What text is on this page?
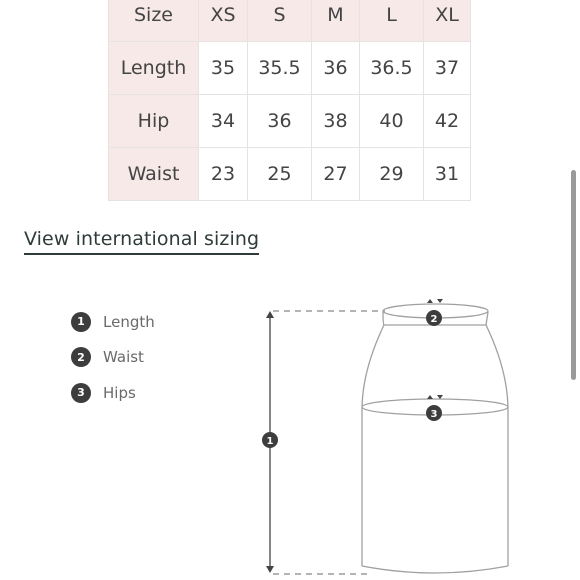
Size	XS	S	M	L	XL
Length	35	35.5	36	36.5	37
Hip	34	36	38	40	42
Waist	23	25	27	29	31
View international sizing
1	Length
2	Waist
3	Hips
1
2
3
